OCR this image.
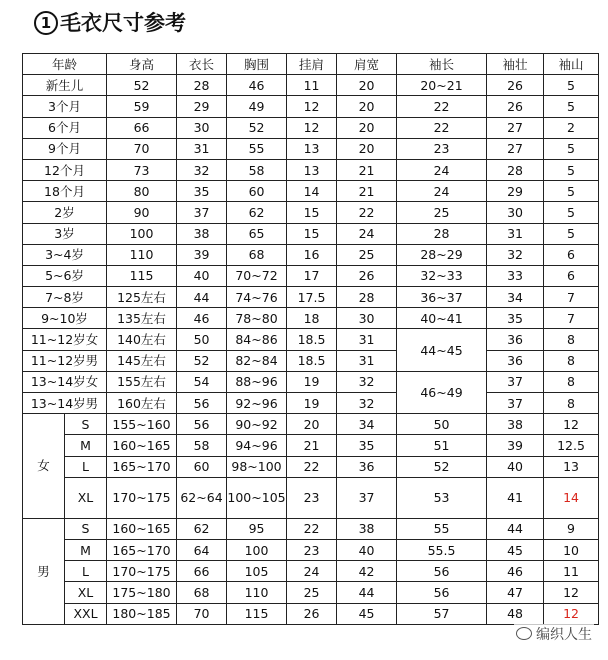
1 毛衣尺寸参考
年龄		身高	衣长	胸围	挂肩	肩宽	袖长	袖壮	袖山
新生儿		52	28	46	11	20	20~21	26	5
3个月		59	29	49	12	20	22	26	5
6个月		66	30	52	12	20	22	27	2
9个月		70	31	55	13	20	23	27	5
12个月		73	32	58	13	21	24	28	5
18个月		80	35	60	14	21	24	29	5
2岁		90	37	62	15	22	25	30	5
3岁		100	38	65	15	24	28	31	5
3~4岁		110	39	68	16	25	28~29	32	6
5~6岁		115	40	70~72	17	26	32~33	33	6
7~8岁		125左右	44	74~76	17.5	28	36~37	34	7
9~10岁		135左右	46	78~80	18	30	40~41	35	7
11~12岁女		140左右	50	84~86	18.5	31	44~45	36	8
11~12岁男		145左右	52	82~84	18.5	31		36	8
13~14岁女		155左右	54	88~96	19	32	46~49	37	8
13~14岁男		160左右	56	92~96	19	32		37	8
女	S	155~160	56	90~92	20	34	50	38	12
	M	160~165	58	94~96	21	35	51	39	12.5
	L	165~170	60	98~100	22	36	52	40	13
	XL	170~175	62~64	100~105	23	37	53	41	14
男	S	160~165	62	95	22	38	55	44	9
	M	165~170	64	100	23	40	55.5	45	10
	L	170~175	66	105	24	42	56	46	11
	XL	175~180	68	110	25	44	56	47	12
	XXL	180~185	70	115	26	45	57	48	12
编织人生
